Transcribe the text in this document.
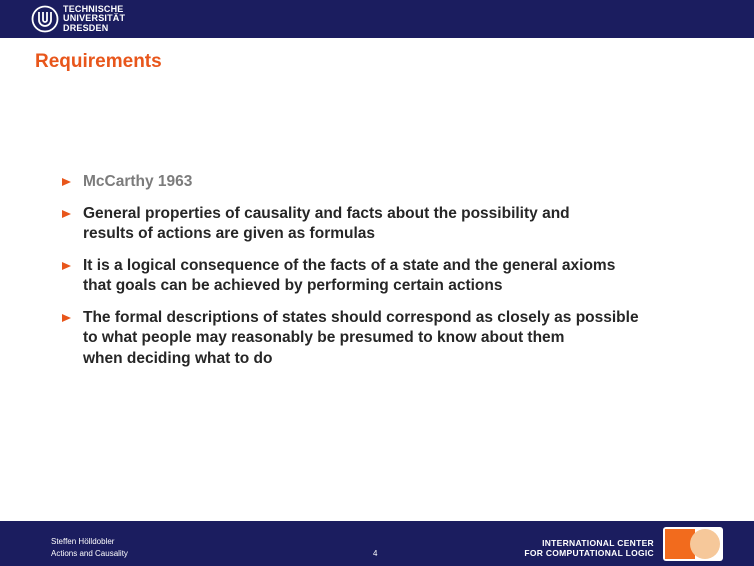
TECHNISCHE
UNIVERSITÄT
DRESDEN
Requirements
McCarthy 1963
General properties of causality and facts about the possibility and
results of actions are given as formulas
It is a logical consequence of the facts of a state and the general axioms
that goals can be achieved by performing certain actions
The formal descriptions of states should correspond as closely as possible
to what people may reasonably be presumed to know about them
when deciding what to do
Steffen Hölldobler
Actions and Causality	4
INTERNATIONAL CENTER
FOR COMPUTATIONAL LOGIC
